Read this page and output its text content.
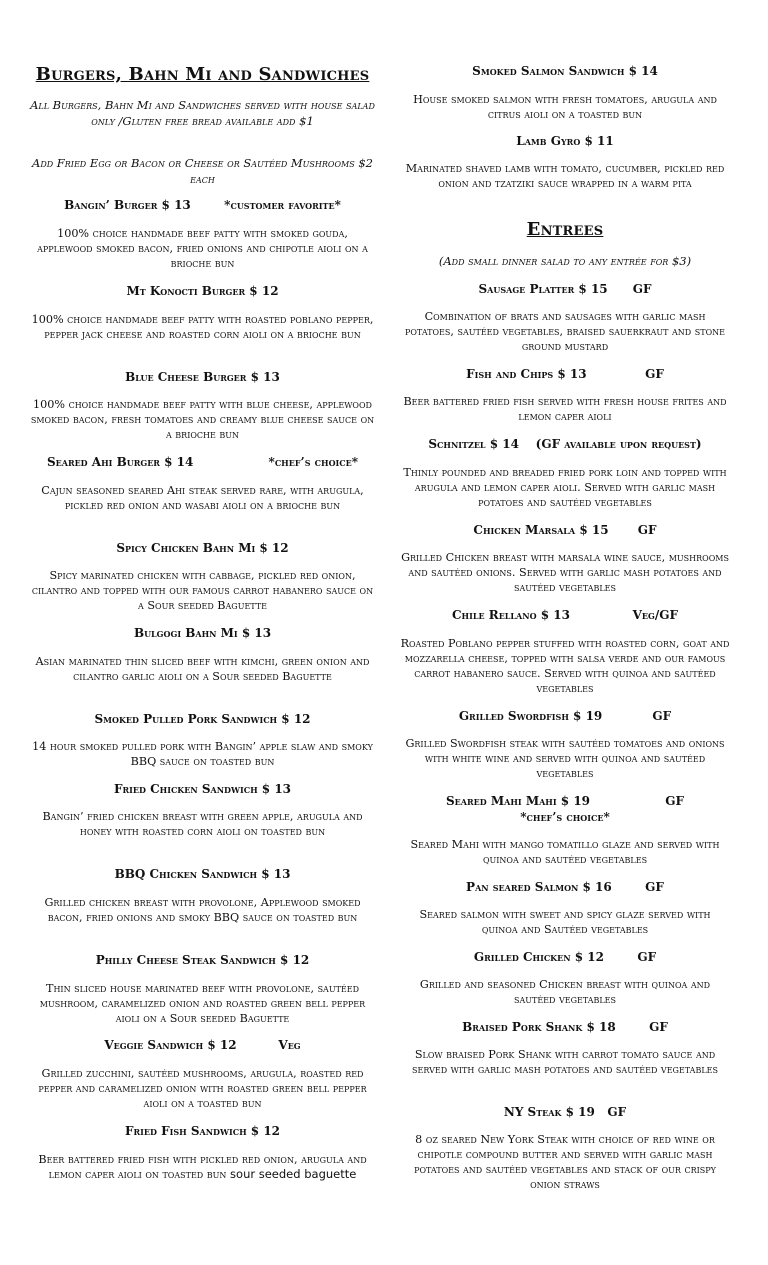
Burgers, Bahn Mi and Sandwiches
All Burgers, Bahn Mi and Sandwiches served with house salad only /Gluten free bread available add $1
Add Fried Egg or Bacon or Cheese or Sautéed Mushrooms $2 each
Bangin’ Burger $ 13        *customer favorite*
100% choice handmade beef patty with smoked gouda, applewood smoked bacon, fried onions and chipotle aioli on a brioche bun
Mt Konocti Burger $ 12
100% choice handmade beef patty with roasted poblano pepper, pepper jack cheese and roasted corn aioli on a brioche bun
Blue Cheese Burger $ 13
100% choice handmade beef patty with blue cheese, applewood smoked bacon, fresh tomatoes and creamy blue cheese sauce on a brioche bun
Seared Ahi Burger $ 14                  *chef’s choice*
Cajun seasoned seared Ahi steak served rare, with arugula, pickled red onion and wasabi aioli on a brioche bun
Spicy Chicken Bahn Mi $ 12
Spicy marinated chicken with cabbage, pickled red onion, cilantro and topped with our famous carrot habanero sauce on a Sour seeded Baguette
Bulgogi Bahn Mi $ 13
Asian marinated thin sliced beef with kimchi, green onion and cilantro garlic aioli on a Sour seeded Baguette
Smoked Pulled Pork Sandwich $ 12
14 hour smoked pulled pork with Bangin’ apple slaw and smoky BBQ sauce on toasted bun
Fried Chicken Sandwich $ 13
Bangin’ fried chicken breast with green apple, arugula and honey with roasted corn aioli on toasted bun
BBQ Chicken Sandwich $ 13
Grilled chicken breast with provolone, Applewood smoked bacon, fried onions and smoky BBQ sauce on toasted bun
Philly Cheese Steak Sandwich $ 12
Thin sliced house marinated beef with provolone, sautéed mushroom, caramelized onion and roasted green bell pepper aioli on a Sour seeded Baguette
Veggie Sandwich $ 12          Veg
Grilled zucchini, sautéed mushrooms, arugula, roasted red pepper and caramelized onion with roasted green bell pepper aioli on a toasted bun
Fried Fish Sandwich $ 12
Beer battered fried fish with pickled red onion, arugula and lemon caper aioli on toasted bun sour seeded baguette
Smoked Salmon Sandwich $ 14
House smoked salmon with fresh tomatoes, arugula and citrus aioli on a toasted bun
Lamb Gyro $ 11
Marinated shaved lamb with tomato, cucumber, pickled red onion and tzatziki sauce wrapped in a warm pita
Entrees
(Add small dinner salad to any entrée for $3)
Sausage Platter $ 15      GF
Combination of brats and sausages with garlic mash potatoes, sautéed vegetables, braised sauerkraut and stone ground mustard
Fish and Chips $ 13              GF
Beer battered fried fish served with fresh house frites and lemon caper aioli
Schnitzel $ 14    (GF available upon request)
Thinly pounded and breaded fried pork loin and topped with arugula and lemon caper aioli. Served with garlic mash potatoes and sautéed vegetables
Chicken Marsala $ 15       GF
Grilled Chicken breast with marsala wine sauce, mushrooms and sautéed onions. Served with garlic mash potatoes and sautéed vegetables
Chile Rellano $ 13               Veg/GF
Roasted Poblano pepper stuffed with roasted corn, goat and mozzarella cheese, topped with salsa verde and our famous carrot habanero sauce. Served with quinoa and sautéed vegetables
Grilled Swordfish $ 19            GF
Grilled Swordfish steak with sautéed tomatoes and onions with white wine and served with quinoa and sautéed vegetables
Seared Mahi Mahi $ 19                  GF
*chef’s choice*
Seared Mahi with mango tomatillo glaze and served with quinoa and sautéed vegetables
Pan seared Salmon $ 16        GF
Seared salmon with sweet and spicy glaze served with quinoa and Sautéed vegetables
Grilled Chicken $ 12        GF
Grilled and seasoned Chicken breast with quinoa and sautéed vegetables
Braised Pork Shank $ 18        GF
Slow braised Pork Shank with carrot tomato sauce and served with garlic mash potatoes and sautéed vegetables
NY Steak $ 19   GF
8 oz seared New York Steak with choice of red wine or chipotle compound butter and served with garlic mash potatoes and sautéed vegetables and stack of our crispy onion straws
